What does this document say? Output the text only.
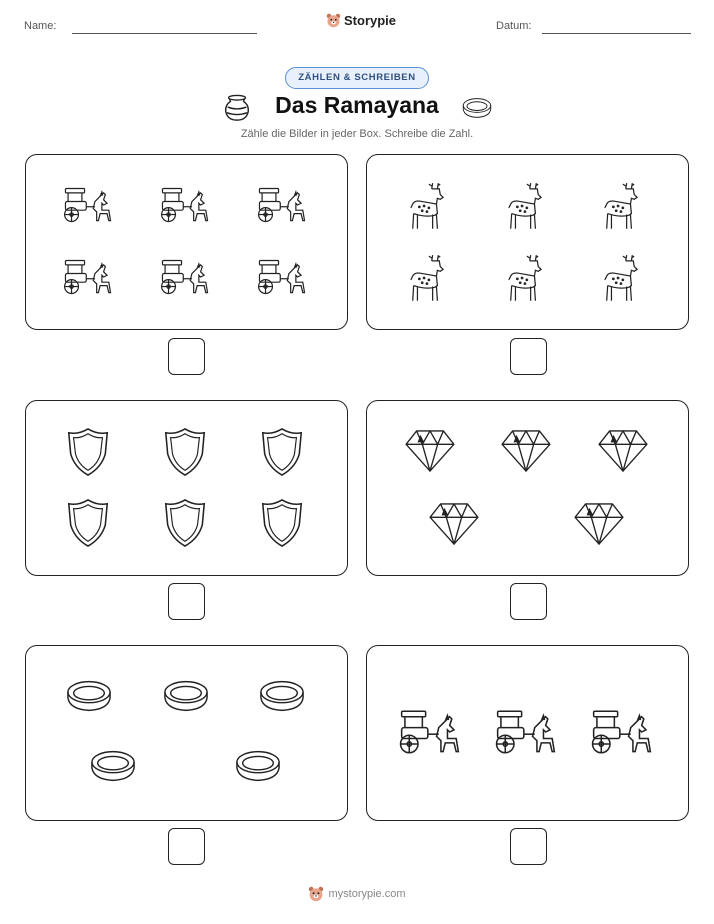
Name:	Storypie	Datum:
ZÄHLEN & SCHREIBEN
Das Ramayana
Zähle die Bilder in jeder Box. Schreibe die Zahl.
mystorypie.com
